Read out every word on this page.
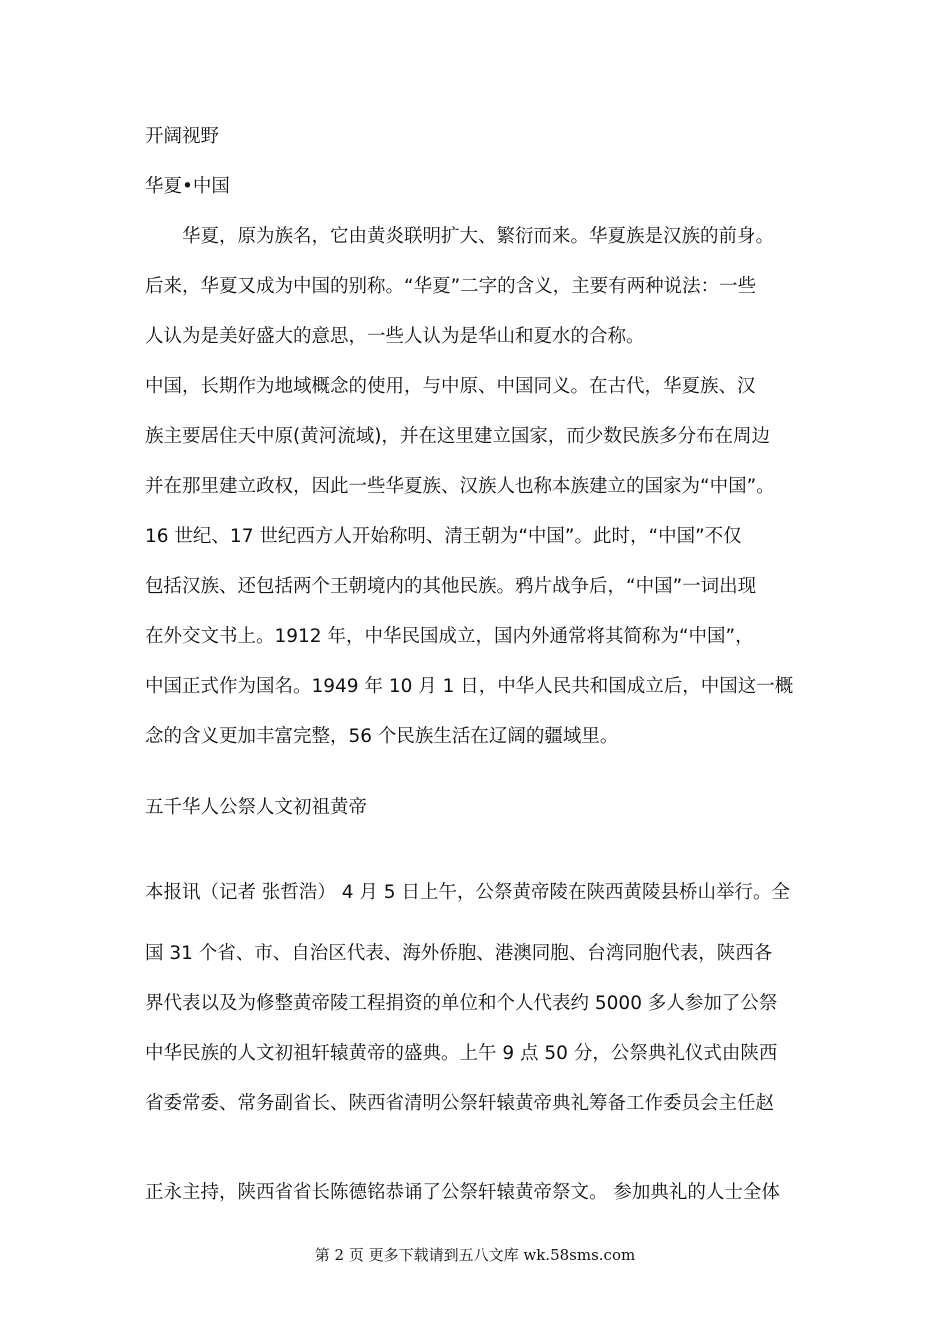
开阔视野
华夏•中国
　　华夏，原为族名，它由黄炎联明扩大、繁衍而来。华夏族是汉族的前身。
后来，华夏又成为中国的别称。“华夏”二字的含义，主要有两种说法：一些
人认为是美好盛大的意思，一些人认为是华山和夏水的合称。
中国，长期作为地域概念的使用，与中原、中国同义。在古代，华夏族、汉
族主要居住天中原(黄河流域)，并在这里建立国家，而少数民族多分布在周边
并在那里建立政权，因此一些华夏族、汉族人也称本族建立的国家为“中国”。
16 世纪、17 世纪西方人开始称明、清王朝为“中国”。此时，“中国”不仅
包括汉族、还包括两个王朝境内的其他民族。鸦片战争后，“中国”一词出现
在外交文书上。1912 年，中华民国成立，国内外通常将其简称为“中国”，
中国正式作为国名。1949 年 10 月 1 日，中华人民共和国成立后，中国这一概
念的含义更加丰富完整，56 个民族生活在辽阔的疆域里。
五千华人公祭人文初祖黄帝
本报讯（记者 张哲浩） 4 月 5 日上午，公祭黄帝陵在陕西黄陵县桥山举行。全
国 31 个省、市、自治区代表、海外侨胞、港澳同胞、台湾同胞代表，陕西各
界代表以及为修整黄帝陵工程捐资的单位和个人代表约 5000 多人参加了公祭
中华民族的人文初祖轩辕黄帝的盛典。上午 9 点 50 分，公祭典礼仪式由陕西
省委常委、常务副省长、陕西省清明公祭轩辕黄帝典礼筹备工作委员会主任赵
正永主持，陕西省省长陈德铭恭诵了公祭轩辕黄帝祭文。 参加典礼的人士全体
第 2 页 更多下载请到五八文库 wk.58sms.com
